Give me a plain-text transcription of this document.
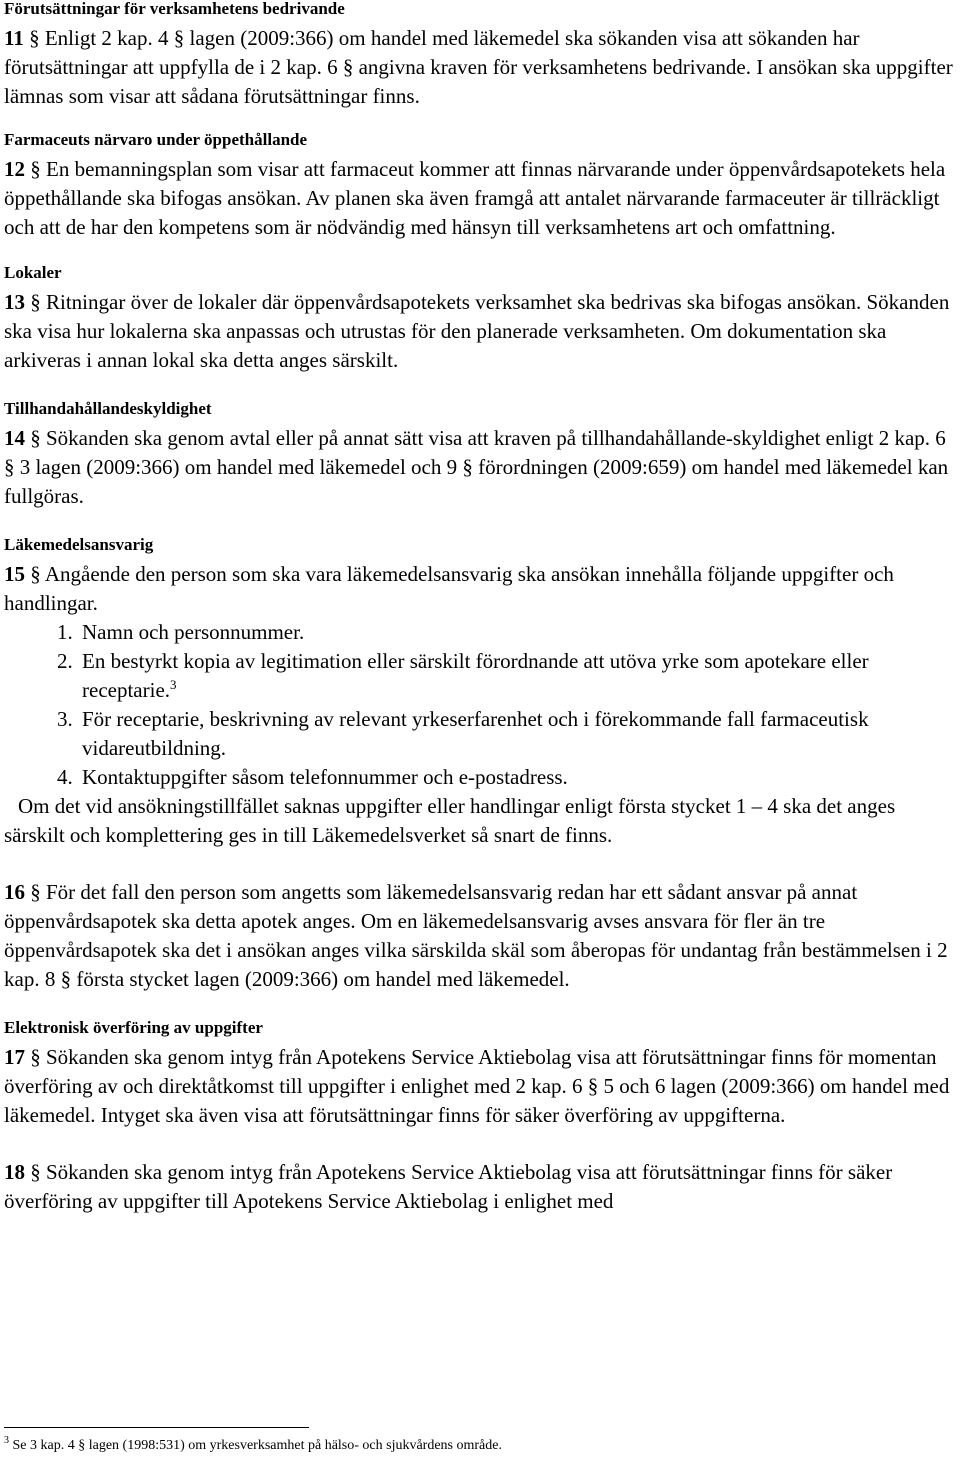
Förutsättningar för verksamhetens bedrivande

11 § Enligt 2 kap. 4 § lagen (2009:366) om handel med läkemedel ska sökanden visa att sökanden har förutsättningar att uppfylla de i 2 kap. 6 § angivna kraven för verksamhetens bedrivande. I ansökan ska uppgifter lämnas som visar att sådana förutsättningar finns.

Farmaceuts närvaro under öppethållande

12 § En bemanningsplan som visar att farmaceut kommer att finnas närvarande under öppenvårdsapotekets hela öppethållande ska bifogas ansökan. Av planen ska även framgå att antalet närvarande farmaceuter är tillräckligt och att de har den kompetens som är nödvändig med hänsyn till verksamhetens art och omfattning.

Lokaler

13 § Ritningar över de lokaler där öppenvårdsapotekets verksamhet ska bedrivas ska bifogas ansökan. Sökanden ska visa hur lokalerna ska anpassas och utrustas för den planerade verksamheten. Om dokumentation ska arkiveras i annan lokal ska detta anges särskilt.

Tillhandahållandeskyldighet

14 § Sökanden ska genom avtal eller på annat sätt visa att kraven på tillhandahållande-skyldighet enligt 2 kap. 6 § 3 lagen (2009:366) om handel med läkemedel och 9 § förordningen (2009:659) om handel med läkemedel kan fullgöras.

Läkemedelsansvarig

15 § Angående den person som ska vara läkemedelsansvarig ska ansökan innehålla följande uppgifter och handlingar.

1. Namn och personnummer.
2. En bestyrkt kopia av legitimation eller särskilt förordnande att utöva yrke som apotekare eller receptarie.$^3$
3. För receptarie, beskrivning av relevant yrkeserfarenhet och i förekommande fall farmaceutisk vidareutbildning.
4. Kontaktuppgifter såsom telefonnummer och e-postadress.

Om det vid ansökningstillfället saknas uppgifter eller handlingar enligt första stycket 1 – 4 ska det anges särskilt och komplettering ges in till Läkemedelsverket så snart de finns.

16 § För det fall den person som angetts som läkemedelsansvarig redan har ett sådant ansvar på annat öppenvårdsapotek ska detta apotek anges. Om en läkemedelsansvarig avses ansvara för fler än tre öppenvårdsapotek ska det i ansökan anges vilka särskilda skäl som åberopas för undantag från bestämmelsen i 2 kap. 8 § första stycket lagen (2009:366) om handel med läkemedel.

Elektronisk överföring av uppgifter

17 § Sökanden ska genom intyg från Apotekens Service Aktiebolag visa att förutsättningar finns för momentan överföring av och direktåtkomst till uppgifter i enlighet med 2 kap. 6 § 5 och 6 lagen (2009:366) om handel med läkemedel. Intyget ska även visa att förutsättningar finns för säker överföring av uppgifterna.

18 § Sökanden ska genom intyg från Apotekens Service Aktiebolag visa att förutsättningar finns för säker överföring av uppgifter till Apotekens Service Aktiebolag i enlighet med

$^3$ Se 3 kap. 4 § lagen (1998:531) om yrkesverksamhet på hälso- och sjukvårdens område.
